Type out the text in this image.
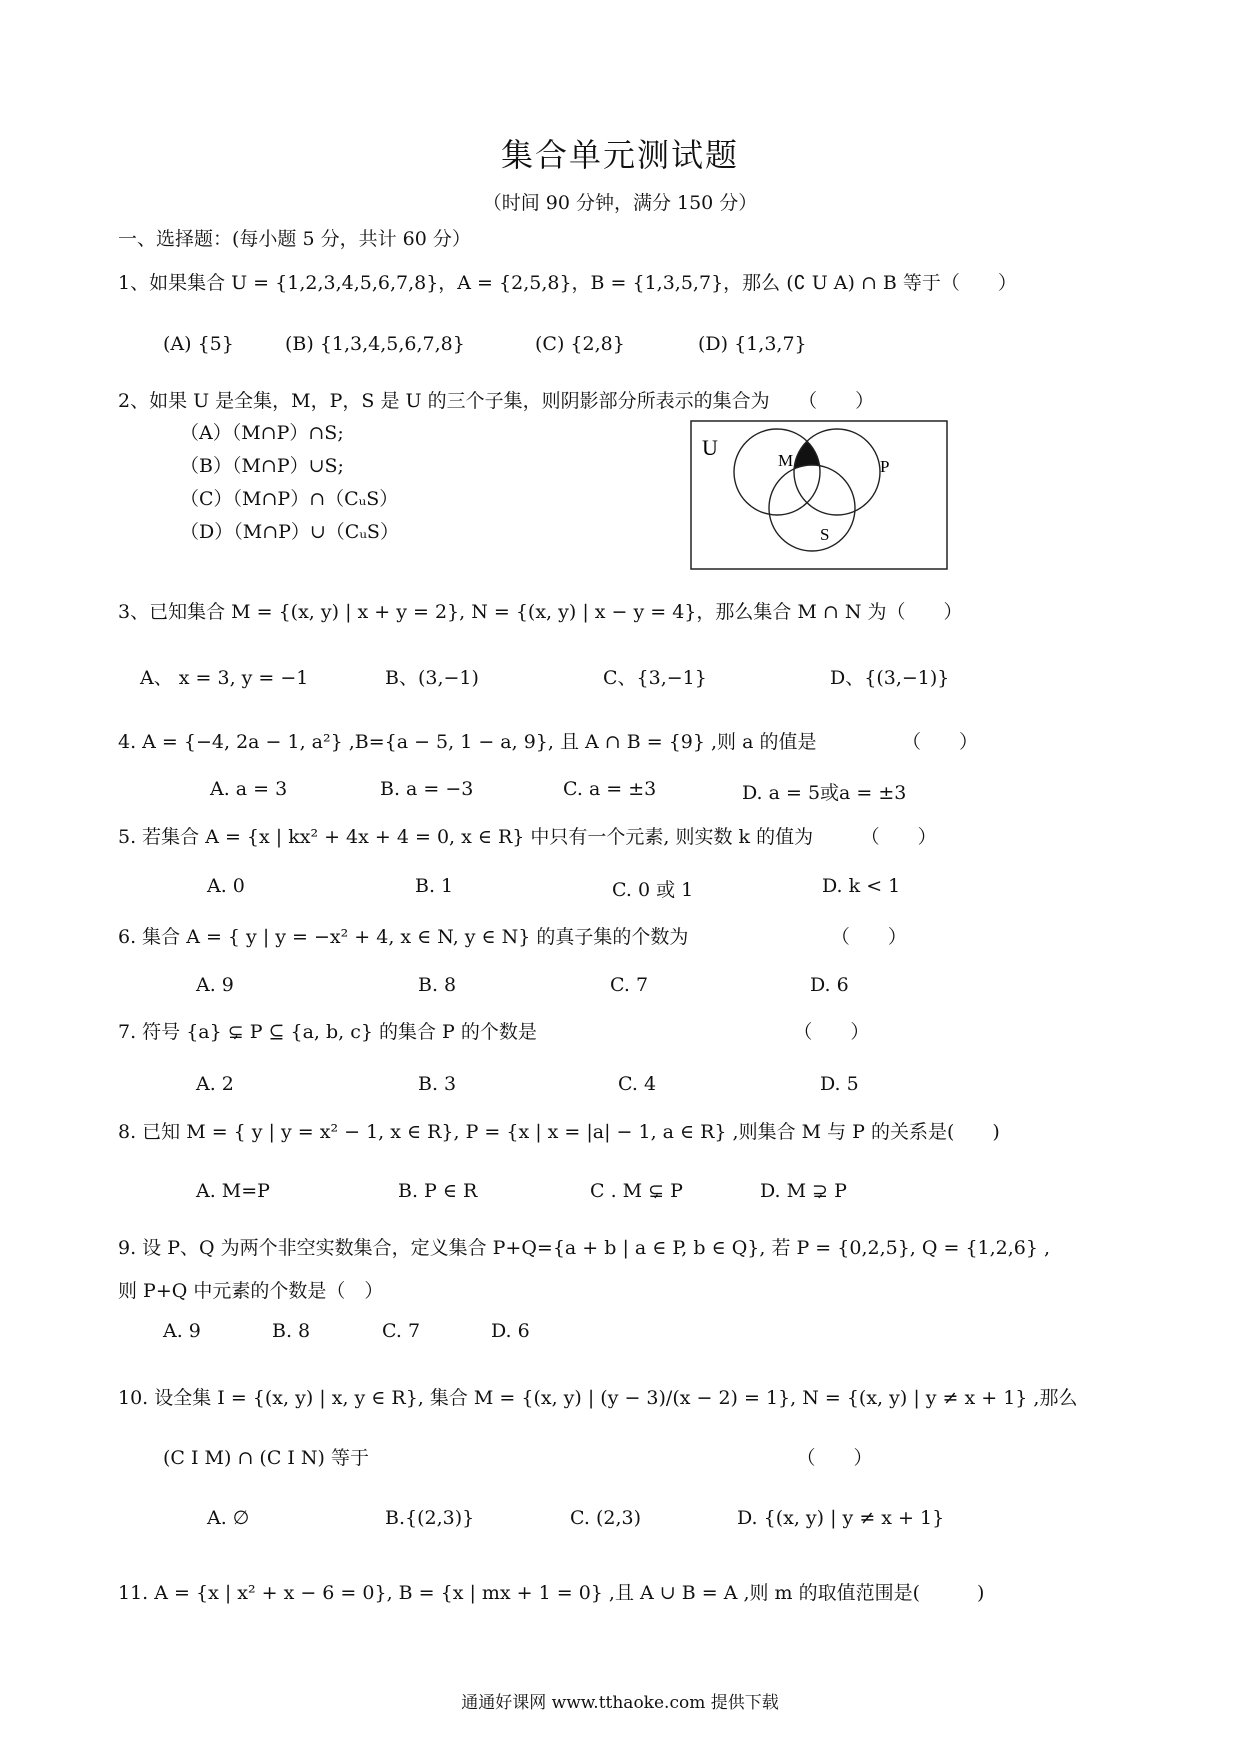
集合单元测试题
（时间 90 分钟，满分 150 分）
一、选择题：(每小题 5 分，共计 60 分）
1、如果集合 U = {1,2,3,4,5,6,7,8}，A = {2,5,8}，B = {1,3,5,7}，那么 (∁ U A) ∩ B 等于（　　）
(A) {5}	(B) {1,3,4,5,6,7,8}	(C) {2,8}	(D) {1,3,7}
2、如果 U 是全集，M，P，S 是 U 的三个子集，则阴影部分所表示的集合为　　（　　）
（A）（M∩P）∩S;
（B）（M∩P）∪S;
（C）（M∩P）∩（CᵤS）
（D）（M∩P）∪（CᵤS）
U
M	P
S
3、已知集合 M = {(x, y) | x + y = 2}, N = {(x, y) | x − y = 4}，那么集合 M ∩ N 为（　　）
A、 x = 3, y = −1	B、(3,−1)	C、{3,−1}	D、{(3,−1)}
4. A = {−4, 2a − 1, a²} ,B={a − 5, 1 − a, 9}, 且 A ∩ B = {9} ,则 a 的值是　　　　　（　　）
A. a = 3	B. a = −3	C. a = ±3	D. a = 5或a = ±3
5. 若集合 A = {x | kx² + 4x + 4 = 0, x ∈ R} 中只有一个元素, 则实数 k 的值为　　　（　　）
A. 0	B. 1	C. 0 或 1	D. k < 1
6. 集合 A = { y | y = −x² + 4, x ∈ N, y ∈ N} 的真子集的个数为　　　　　　　　（　　）
A. 9	B. 8	C. 7	D. 6
7. 符号 {a} ⊊ P ⊆ {a, b, c} 的集合 P 的个数是　　　　　　　　　　　　　　（　　）
A. 2	B. 3	C. 4	D. 5
8. 已知 M = { y | y = x² − 1, x ∈ R}, P = {x | x = |a| − 1, a ∈ R} ,则集合 M 与 P 的关系是(　　)
A. M=P	B. P ∈ R	C . M ⊊ P	D. M ⊋ P
9. 设 P、Q 为两个非空实数集合，定义集合 P+Q={a + b | a ∈ P, b ∈ Q}, 若 P = {0,2,5}, Q = {1,2,6} ,
则 P+Q 中元素的个数是（　）
A. 9	B. 8	C. 7	D. 6
10. 设全集 I = {(x, y) | x, y ∈ R}, 集合 M = {(x, y) | (y − 3)/(x − 2) = 1}, N = {(x, y) | y ≠ x + 1} ,那么
(C I M) ∩ (C I N) 等于　　　　　　　　　　　　　　　　　　　　　　　（　　）
A. ∅	B.{(2,3)}	C. (2,3)	D. {(x, y) | y ≠ x + 1}
11. A = {x | x² + x − 6 = 0}, B = {x | mx + 1 = 0} ,且 A ∪ B = A ,则 m 的取值范围是(　　　)
通通好课网 www.tthaoke.com 提供下载
